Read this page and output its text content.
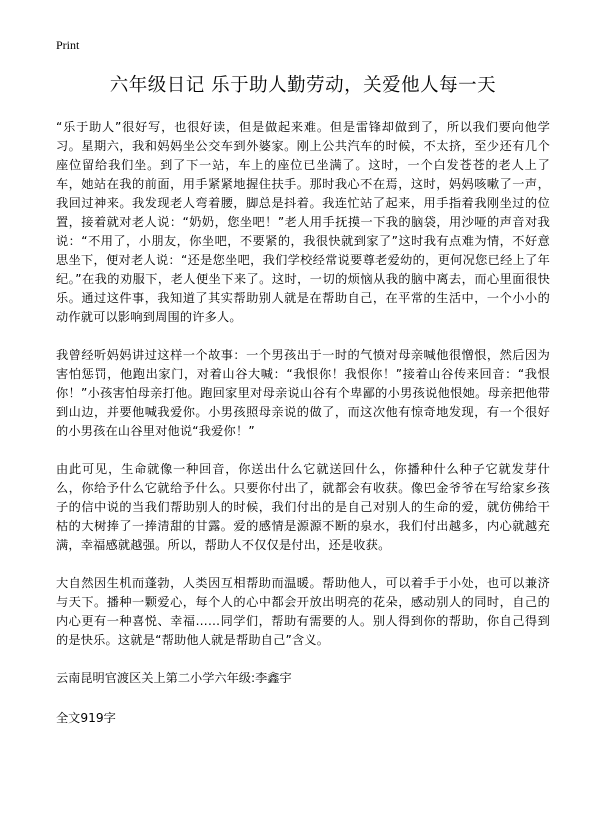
Print
六年级日记 乐于助人勤劳动，关爱他人每一天

“乐于助人”很好写，也很好读，但是做起来难。但是雷锋却做到了，所以我们要向他学习。星期六，我和妈妈坐公交车到外婆家。刚上公共汽车的时候，不太挤，至少还有几个座位留给我们坐。到了下一站，车上的座位已坐满了。这时，一个白发苍苍的老人上了车，她站在我的前面，用手紧紧地握住扶手。那时我心不在焉，这时，妈妈咳嗽了一声，我回过神来。我发现老人弯着腰，脚总是抖着。我连忙站了起来，用手指着我刚坐过的位置，接着就对老人说：“奶奶，您坐吧！”老人用手抚摸一下我的脑袋，用沙哑的声音对我说：“不用了，小朋友，你坐吧，不要紧的，我很快就到家了”这时我有点难为情，不好意思坐下，便对老人说：“还是您坐吧，我们学校经常说要尊老爱幼的，更何况您已经上了年纪。”在我的劝服下，老人便坐下来了。这时，一切的烦恼从我的脑中离去，而心里面很快乐。通过这件事，我知道了其实帮助别人就是在帮助自己，在平常的生活中，一个小小的动作就可以影响到周围的许多人。

我曾经听妈妈讲过这样一个故事：一个男孩出于一时的气愤对母亲喊他很憎恨，然后因为害怕惩罚，他跑出家门，对着山谷大喊：“我恨你！我恨你！”接着山谷传来回音：“我恨你！”小孩害怕母亲打他。跑回家里对母亲说山谷有个卑鄙的小男孩说他恨她。母亲把他带到山边，并要他喊我爱你。小男孩照母亲说的做了，而这次他有惊奇地发现，有一个很好的小男孩在山谷里对他说“我爱你！”

由此可见，生命就像一种回音，你送出什么它就送回什么，你播种什么种子它就发芽什么，你给予什么它就给予什么。只要你付出了，就都会有收获。像巴金爷爷在写给家乡孩子的信中说的当我们帮助别人的时候，我们付出的是自己对别人的生命的爱，就仿佛给干枯的大树捧了一捧清甜的甘露。爱的感情是源源不断的泉水，我们付出越多，内心就越充满，幸福感就越强。所以，帮助人不仅仅是付出，还是收获。

大自然因生机而蓬勃，人类因互相帮助而温暖。帮助他人，可以着手于小处，也可以兼济与天下。播种一颗爱心，每个人的心中都会开放出明亮的花朵，感动别人的同时，自己的内心更有一种喜悦、幸福……同学们，帮助有需要的人。别人得到你的帮助，你自己得到的是快乐。这就是“帮助他人就是帮助自己”含义。

云南昆明官渡区关上第二小学六年级:李鑫宇

全文919字
